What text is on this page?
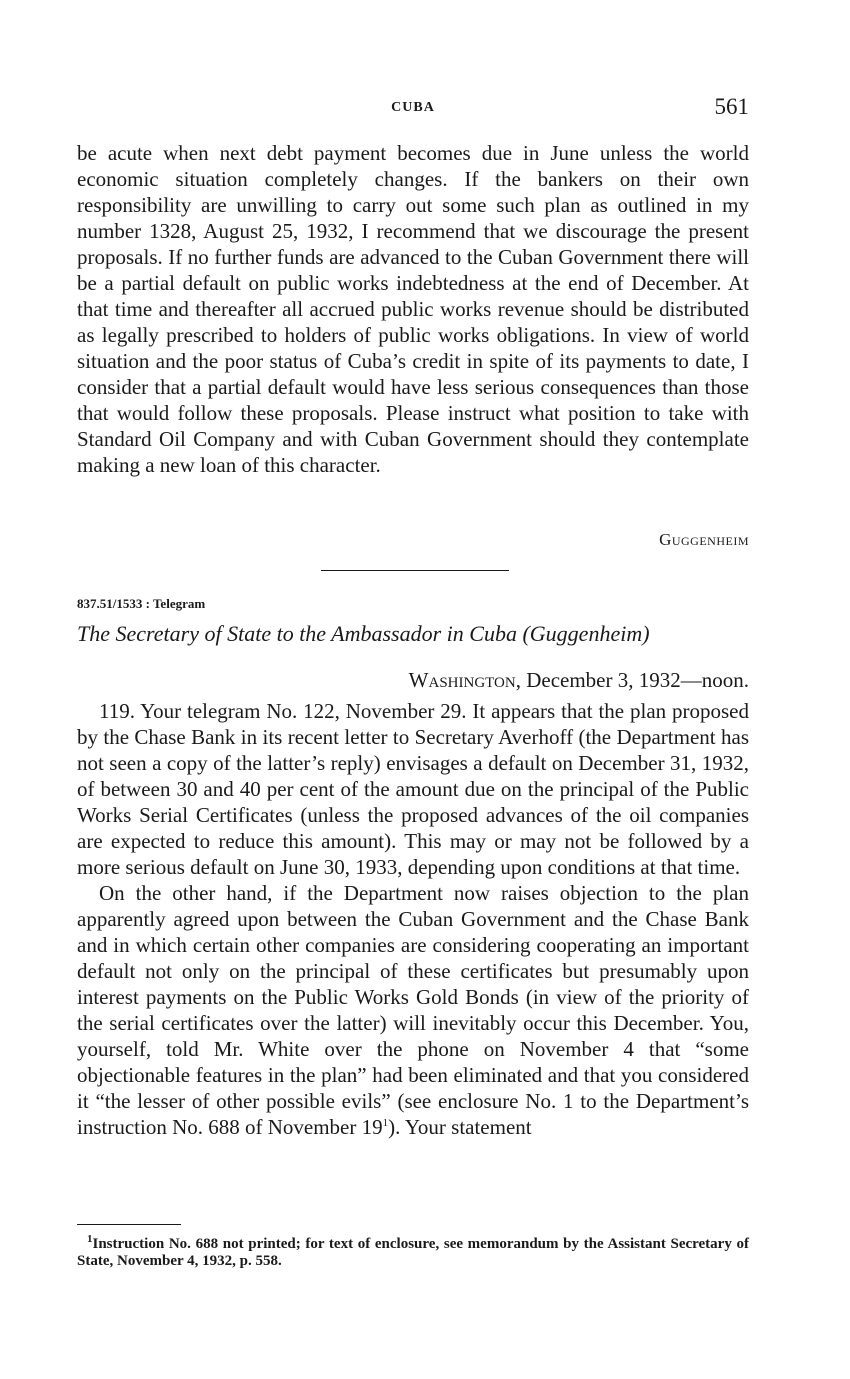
CUBA	561

be acute when next debt payment becomes due in June unless the world economic situation completely changes. If the bankers on their own responsibility are unwilling to carry out some such plan as outlined in my number 1328, August 25, 1932, I recommend that we discourage the present proposals. If no further funds are advanced to the Cuban Government there will be a partial default on public works indebtedness at the end of December. At that time and thereafter all accrued public works revenue should be distributed as legally prescribed to holders of public works obligations. In view of world situation and the poor status of Cuba’s credit in spite of its payments to date, I consider that a partial default would have less serious consequences than those that would follow these proposals. Please instruct what position to take with Standard Oil Company and with Cuban Government should they contemplate making a new loan of this character.

Guggenheim
837.51/1533 : Telegram
The Secretary of State to the Ambassador in Cuba (Guggenheim)
Washington, December 3, 1932—noon.

119. Your telegram No. 122, November 29. It appears that the plan proposed by the Chase Bank in its recent letter to Secretary Averhoff (the Department has not seen a copy of the latter’s reply) envisages a default on December 31, 1932, of between 30 and 40 per cent of the amount due on the principal of the Public Works Serial Certificates (unless the proposed advances of the oil companies are expected to reduce this amount). This may or may not be followed by a more serious default on June 30, 1933, depending upon conditions at that time.

On the other hand, if the Department now raises objection to the plan apparently agreed upon between the Cuban Government and the Chase Bank and in which certain other companies are considering cooperating an important default not only on the principal of these certificates but presumably upon interest payments on the Public Works Gold Bonds (in view of the priority of the serial certificates over the latter) will inevitably occur this December. You, yourself, told Mr. White over the phone on November 4 that “some objectionable features in the plan” had been eliminated and that you considered it “the lesser of other possible evils” (see enclosure No. 1 to the Department’s instruction No. 688 of November $19^1$). Your statement

$^1$Instruction No. 688 not printed; for text of enclosure, see memorandum by the Assistant Secretary of State, November 4, 1932, p. 558.
